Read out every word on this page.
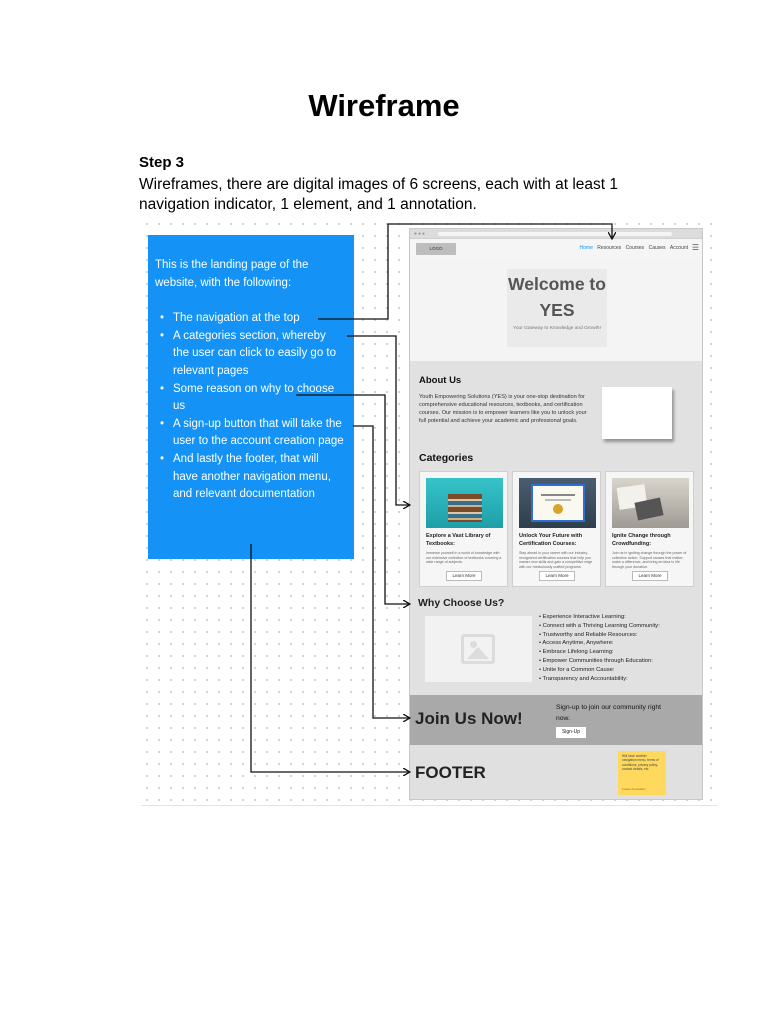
Wireframe
Step 3
Wireframes, there are digital images of 6 screens, each with at least 1 navigation indicator, 1 element, and 1 annotation.

This is the landing page of the website, with the following:

• The navigation at the top
• A categories section, whereby the user can click to easily go to relevant pages
• Some reason on why to choose us
• A sign-up button that will take the user to the account creation page
• And lastly the footer, that will have another navigation menu, and relevant documentation
●●●
LOGO	Home Resources Courses Causes Account ☰
Welcome to
YES
Your Gateway to Knowledge and Growth!
About Us
Youth Empowering Solutions (YES) is your one-stop destination for comprehensive educational resources, textbooks, and certification courses. Our mission is to empower learners like you to unlock your full potential and achieve your academic and professional goals.
Categories
Explore a Vast Library of Textbooks:
Immerse yourself in a world of knowledge with our extensive collection of textbooks covering a wide range of subjects.
Learn More
Unlock Your Future with Certification Courses:
Stay ahead in your career with our industry-recognized certification courses that help you master new skills and gain a competitive edge with our meticulously crafted programs.
Learn More
Ignite Change through Crowdfunding:
Join us in igniting change through the power of collective action. Support causes that matter, make a difference, and bring an idea to life through your donation.
Learn More
• Experience Interactive Learning:
• Connect with a Thriving Learning Community:
• Trustworthy and Reliable Resources:
• Access Anytime, Anywhere:
• Embrace Lifelong Learning:
• Empower Communities through Education:
• Unite for a Common Cause:
• Transparency and Accountability:
Sign-up to join our community right now.
Sign-Up
Will have another navigation menu, terms of conditions, privacy policy, contact details, etc.
Footer Annotation
Why Choose Us?
Join Us Now!
FOOTER
